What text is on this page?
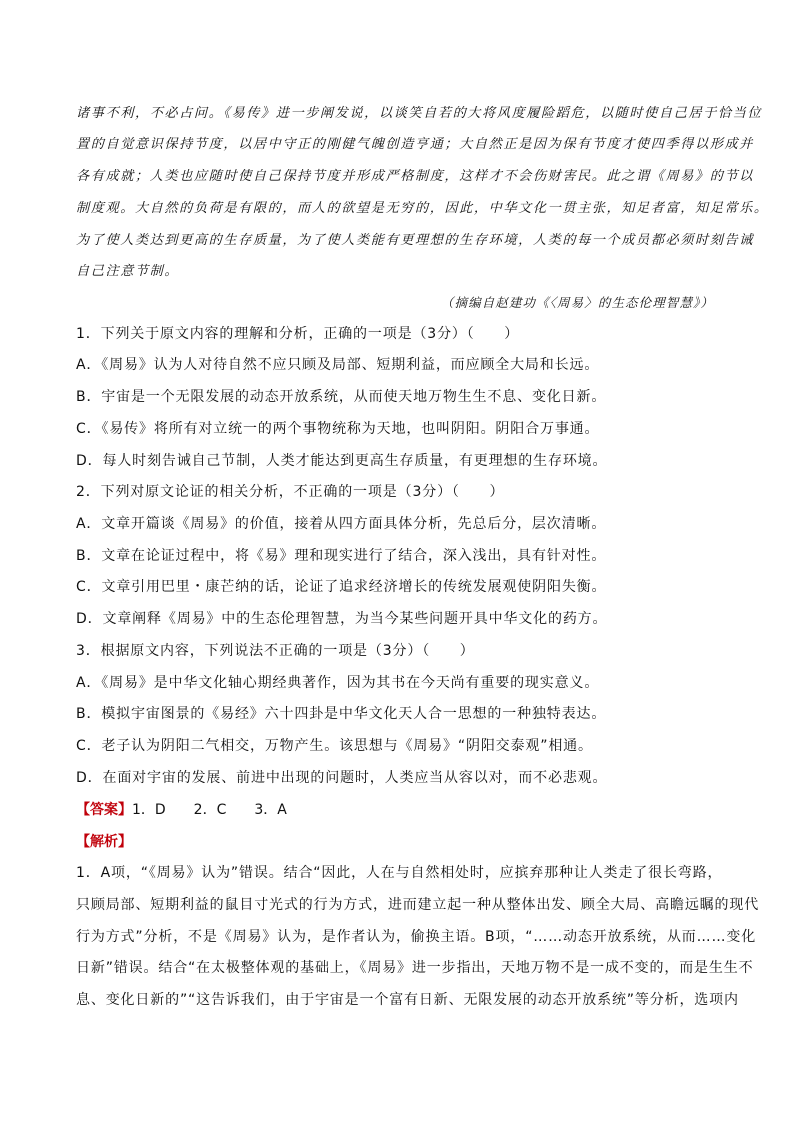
诸事不利，不必占问。《易传》进一步阐发说，以谈笑自若的大将风度履险蹈危，以随时使自己居于恰当位
置的自觉意识保持节度，以居中守正的刚健气魄创造亨通；大自然正是因为保有节度才使四季得以形成并
各有成就；人类也应随时使自己保持节度并形成严格制度，这样才不会伤财害民。此之谓《周易》的节以
制度观。大自然的负荷是有限的，而人的欲望是无穷的，因此，中华文化一贯主张，知足者富，知足常乐。
为了使人类达到更高的生存质量，为了使人类能有更理想的生存环境，人类的每一个成员都必须时刻告诫
自己注意节制。
（摘编自赵建功《〈周易〉的生态伦理智慧》）
1．下列关于原文内容的理解和分析，正确的一项是（3分）（　　）
A．《周易》认为人对待自然不应只顾及局部、短期利益，而应顾全大局和长远。
B．宇宙是一个无限发展的动态开放系统，从而使天地万物生生不息、变化日新。
C．《易传》将所有对立统一的两个事物统称为天地，也叫阴阳。阴阳合万事通。
D．每人时刻告诫自己节制，人类才能达到更高生存质量，有更理想的生存环境。
2．下列对原文论证的相关分析，不正确的一项是（3分）（　　）
A．文章开篇谈《周易》的价值，接着从四方面具体分析，先总后分，层次清晰。
B．文章在论证过程中，将《易》理和现实进行了结合，深入浅出，具有针对性。
C．文章引用巴里・康芒纳的话，论证了追求经济增长的传统发展观使阴阳失衡。
D．文章阐释《周易》中的生态伦理智慧，为当今某些问题开具中华文化的药方。
3．根据原文内容，下列说法不正确的一项是（3分）（　　）
A．《周易》是中华文化轴心期经典著作，因为其书在今天尚有重要的现实意义。
B．模拟宇宙图景的《易经》六十四卦是中华文化天人合一思想的一种独特表达。
C．老子认为阴阳二气相交，万物产生。该思想与《周易》“阴阳交泰观”相通。
D．在面对宇宙的发展、前进中出现的问题时，人类应当从容以对，而不必悲观。
【答案】1．D　　2．C　　3．A
【解析】
1．A项，“《周易》认为”错误。结合“因此，人在与自然相处时，应摈弃那种让人类走了很长弯路，
只顾局部、短期利益的鼠目寸光式的行为方式，进而建立起一种从整体出发、顾全大局、高瞻远瞩的现代
行为方式”分析，不是《周易》认为，是作者认为，偷换主语。B项，“……动态开放系统，从而……变化
日新”错误。结合“在太极整体观的基础上，《周易》进一步指出，天地万物不是一成不变的，而是生生不
息、变化日新的”“这告诉我们，由于宇宙是一个富有日新、无限发展的动态开放系统”等分析，选项内
